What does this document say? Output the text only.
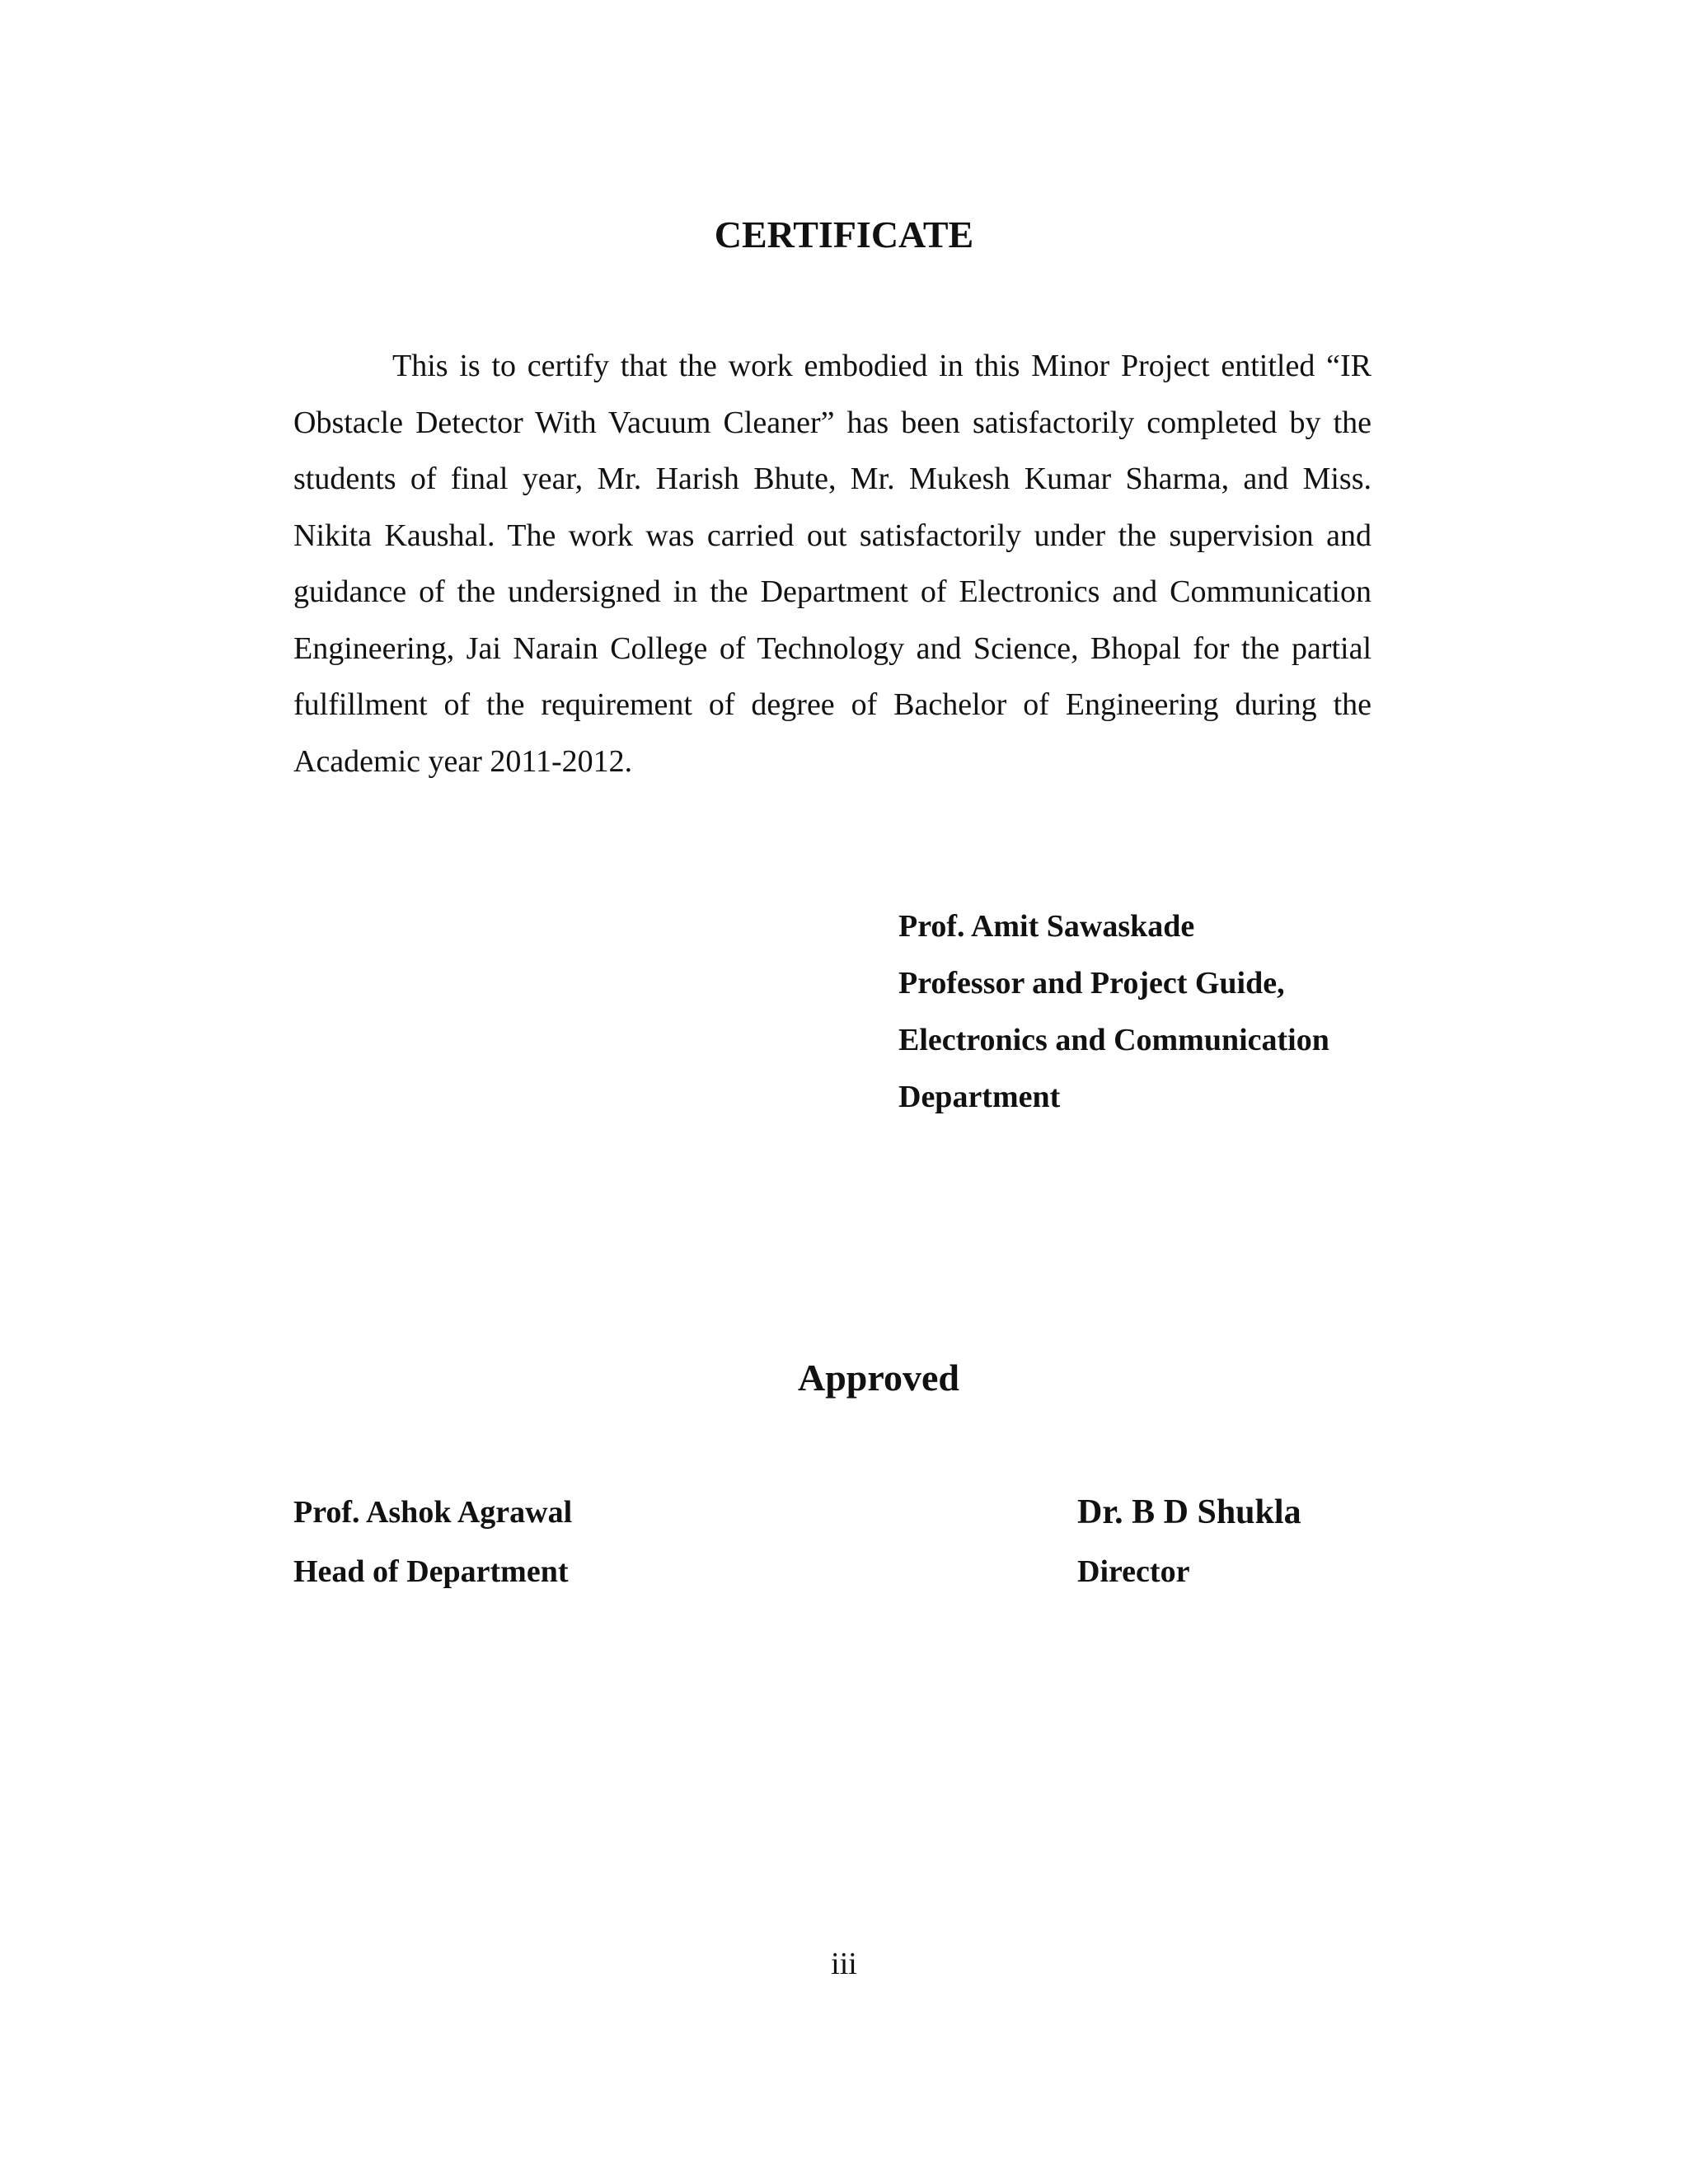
CERTIFICATE

This is to certify that the work embodied in this Minor Project entitled “IR Obstacle Detector With Vacuum Cleaner” has been satisfactorily completed by the students of final year, Mr. Harish Bhute, Mr. Mukesh Kumar Sharma, and Miss. Nikita Kaushal. The work was carried out satisfactorily under the supervision and guidance of the undersigned in the Department of Electronics and Communication Engineering, Jai Narain College of Technology and Science, Bhopal for the partial fulfillment of the requirement of degree of Bachelor of Engineering during the Academic year 2011-2012.

Prof. Amit Sawaskade
Professor and Project Guide,
Electronics and Communication
Department
Approved
Prof. Ashok Agrawal
Head of Department
Dr. B D Shukla
Director
iii
